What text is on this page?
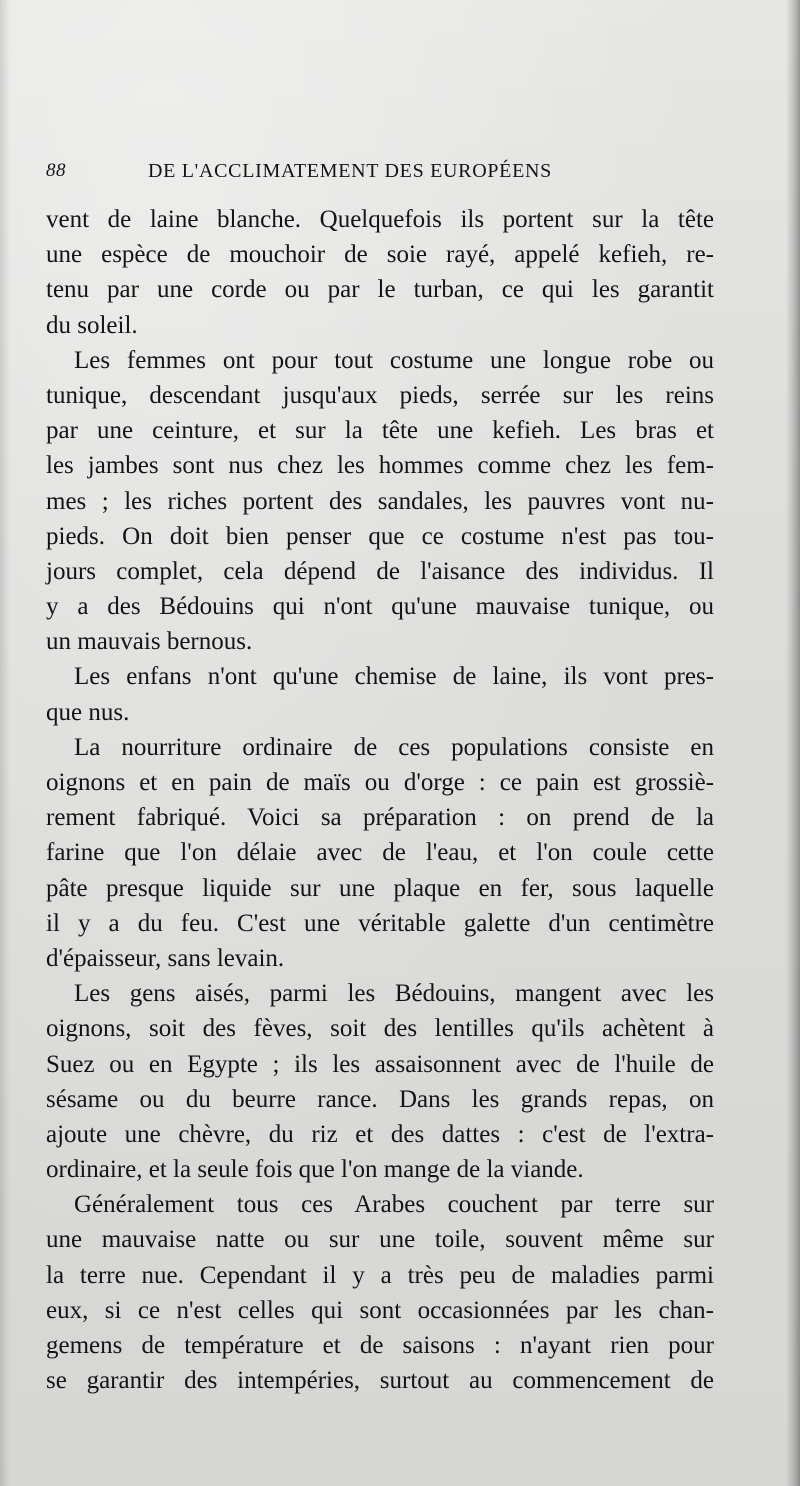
88	DE L'ACCLIMATEMENT DES EUROPÉENS
vent de laine blanche. Quelquefois ils portent sur la tête
une espèce de mouchoir de soie rayé, appelé kefieh, re-
tenu par une corde ou par le turban, ce qui les garantit
du soleil.
Les femmes ont pour tout costume une longue robe ou
tunique, descendant jusqu'aux pieds, serrée sur les reins
par une ceinture, et sur la tête une kefieh. Les bras et
les jambes sont nus chez les hommes comme chez les fem-
mes ; les riches portent des sandales, les pauvres vont nu-
pieds. On doit bien penser que ce costume n'est pas tou-
jours complet, cela dépend de l'aisance des individus. Il
y a des Bédouins qui n'ont qu'une mauvaise tunique, ou
un mauvais bernous.
Les enfans n'ont qu'une chemise de laine, ils vont pres-
que nus.
La nourriture ordinaire de ces populations consiste en
oignons et en pain de maïs ou d'orge : ce pain est grossiè-
rement fabriqué. Voici sa préparation : on prend de la
farine que l'on délaie avec de l'eau, et l'on coule cette
pâte presque liquide sur une plaque en fer, sous laquelle
il y a du feu. C'est une véritable galette d'un centimètre
d'épaisseur, sans levain.
Les gens aisés, parmi les Bédouins, mangent avec les
oignons, soit des fèves, soit des lentilles qu'ils achètent à
Suez ou en Egypte ; ils les assaisonnent avec de l'huile de
sésame ou du beurre rance. Dans les grands repas, on
ajoute une chèvre, du riz et des dattes : c'est de l'extra-
ordinaire, et la seule fois que l'on mange de la viande.
Généralement tous ces Arabes couchent par terre sur
une mauvaise natte ou sur une toile, souvent même sur
la terre nue. Cependant il y a très peu de maladies parmi
eux, si ce n'est celles qui sont occasionnées par les chan-
gemens de température et de saisons : n'ayant rien pour
se garantir des intempéries, surtout au commencement de
